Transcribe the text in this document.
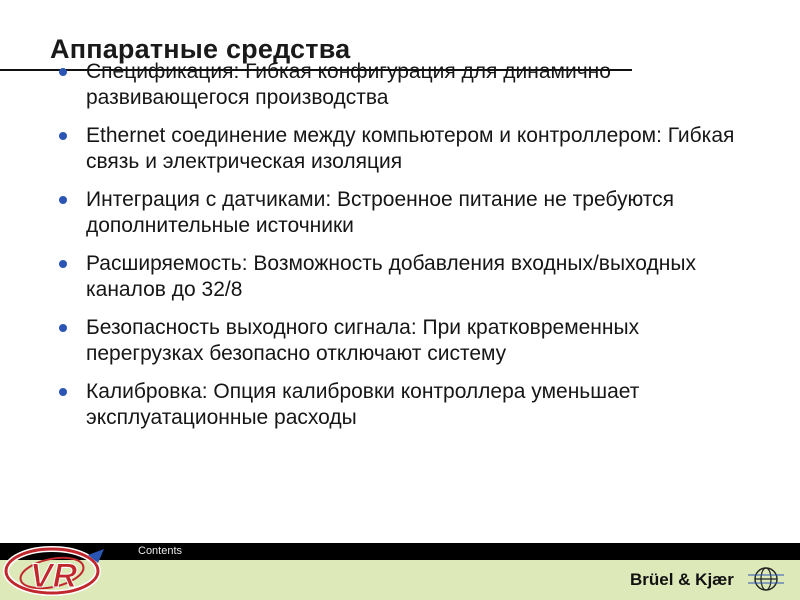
Аппаратные средства
Спецификация: Гибкая конфигурация для динамично развивающегося производства
Ethernet соединение между компьютером и контроллером: Гибкая связь и электрическая изоляция
Интеграция с датчиками: Встроенное питание не требуются дополнительные источники
Расширяемость: Возможность добавления входных/выходных каналов до 32/8
Безопасность выходного сигнала: При кратковременных перегрузках безопасно отключают систему
Калибровка: Опция калибровки контроллера уменьшает эксплуатационные расходы
Contents
VR	Brüel & Kjær
